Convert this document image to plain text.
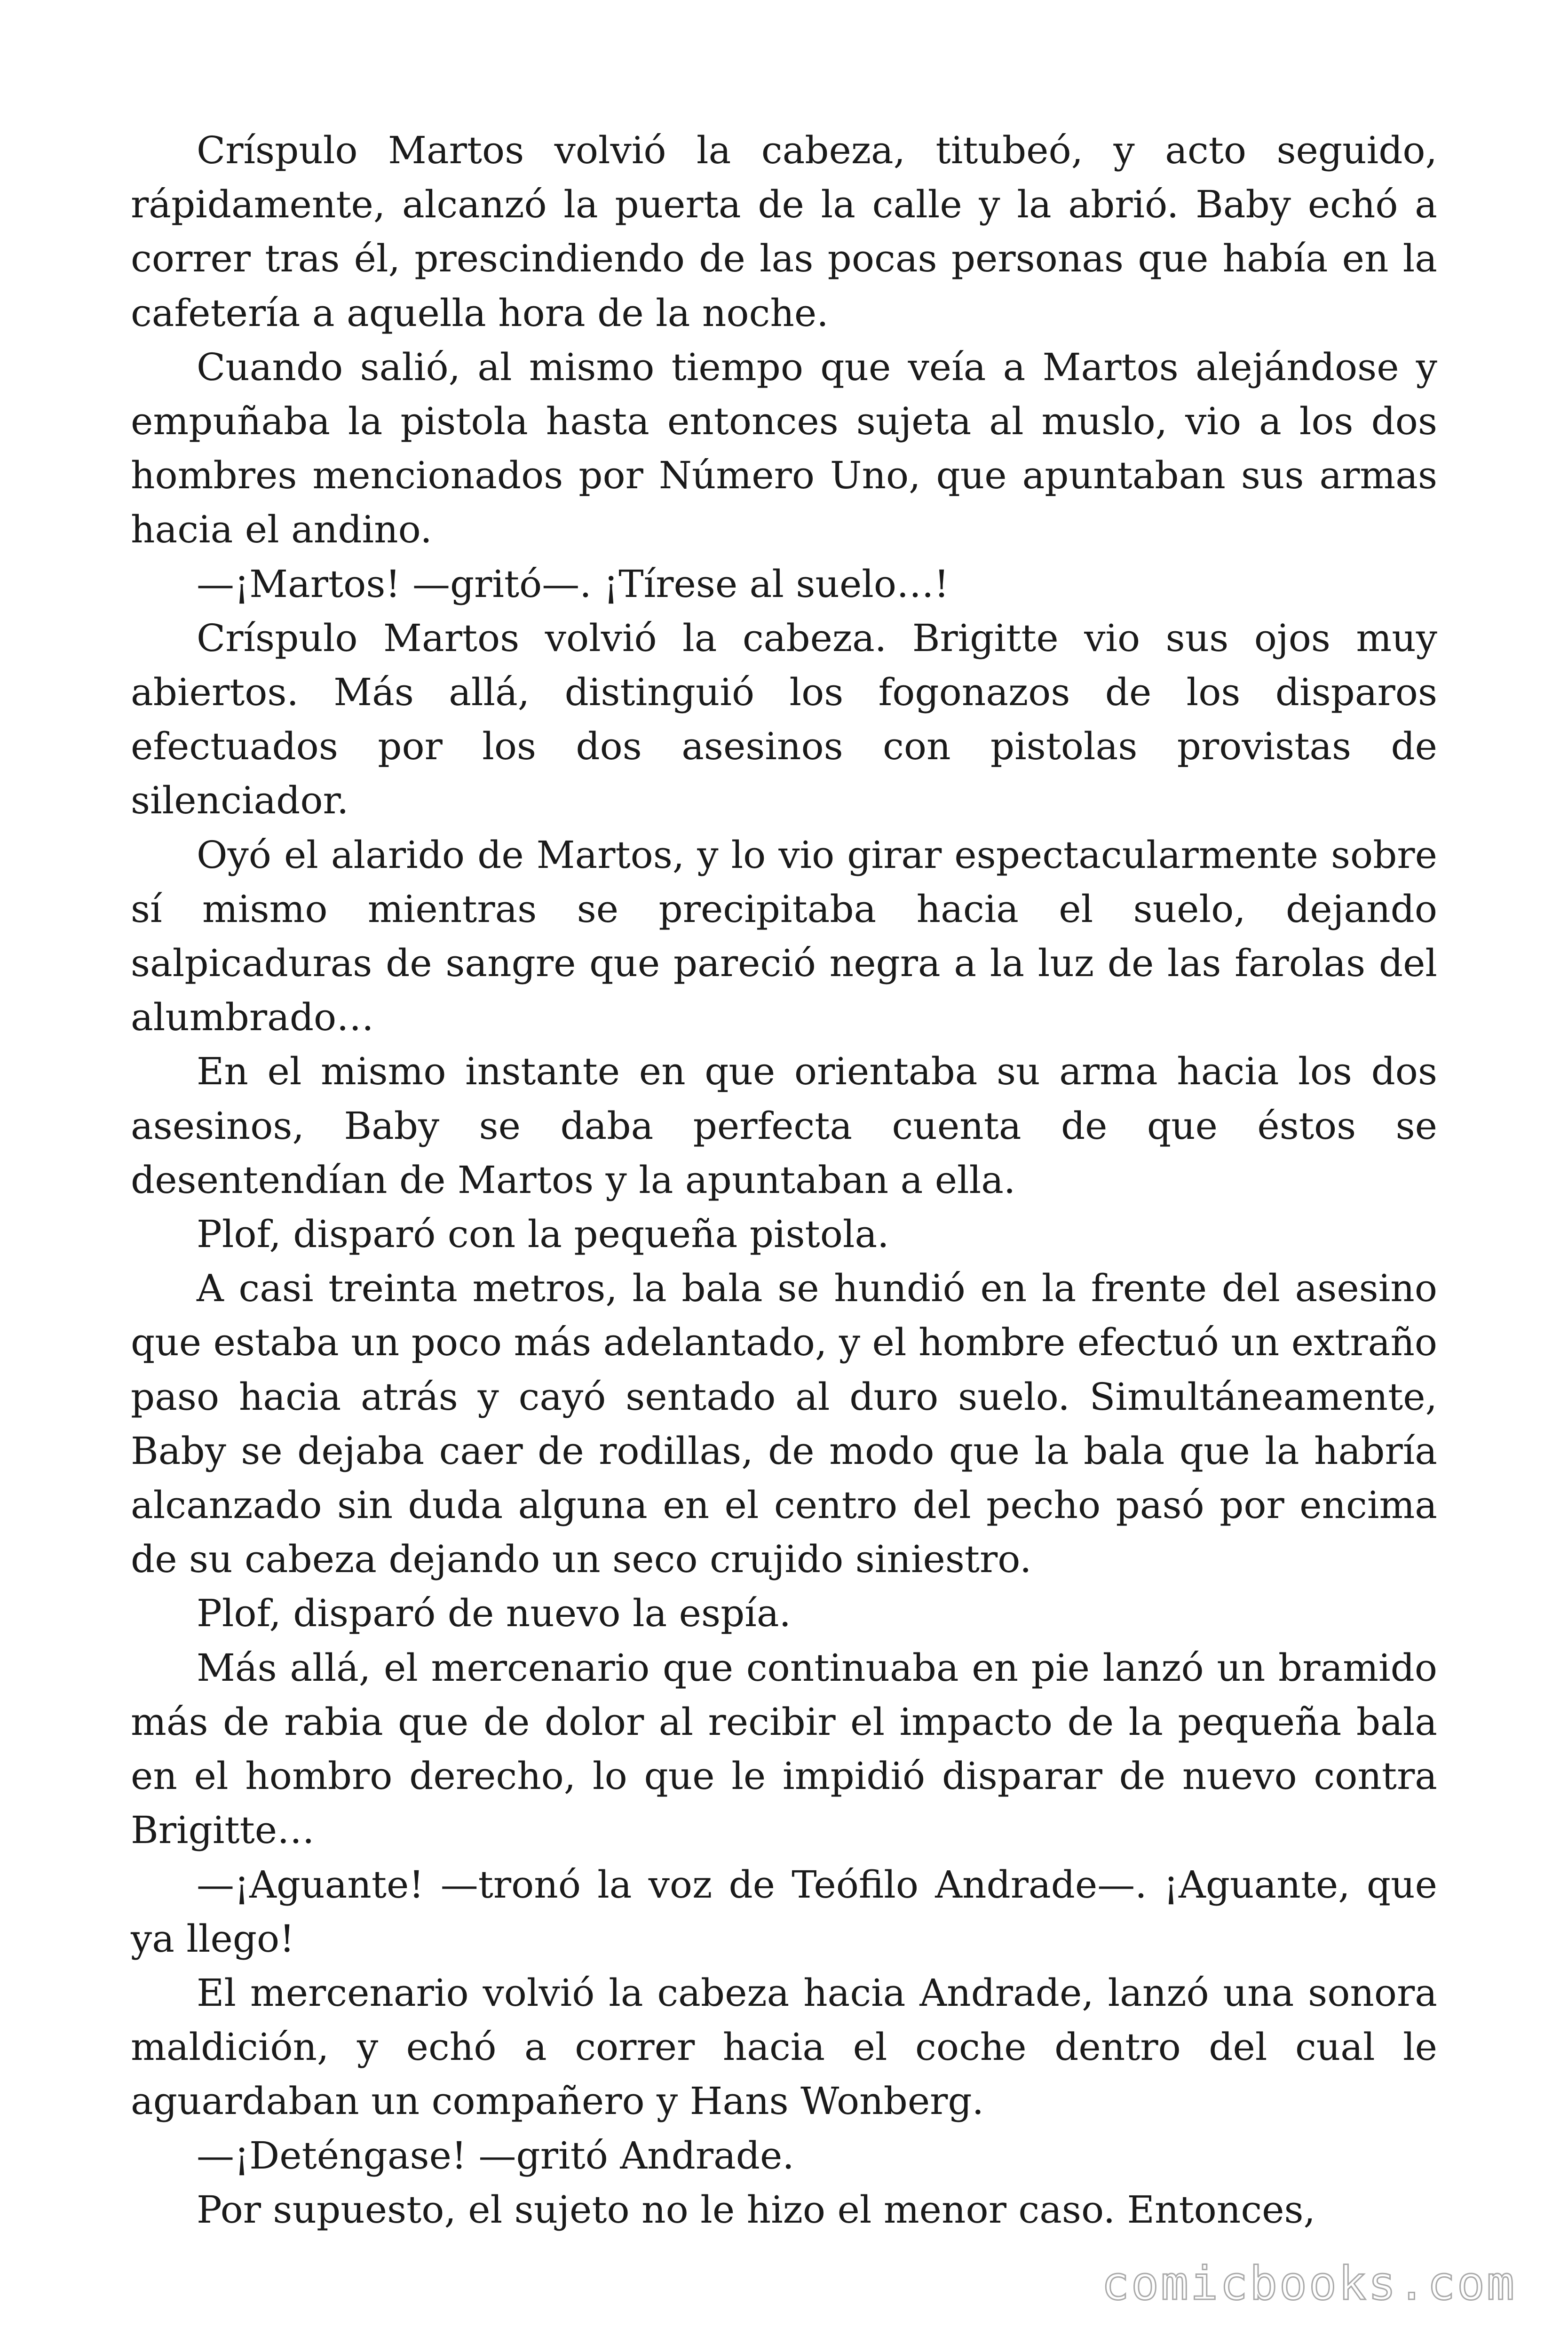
Críspulo Martos volvió la cabeza, titubeó, y acto seguido, rápidamente, alcanzó la puerta de la calle y la abrió. Baby echó a correr tras él, prescindiendo de las pocas personas que había en la cafetería a aquella hora de la noche.

Cuando salió, al mismo tiempo que veía a Martos alejándose y empuñaba la pistola hasta entonces sujeta al muslo, vio a los dos hombres mencionados por Número Uno, que apuntaban sus armas hacia el andino.

—¡Martos! —gritó—. ¡Tírese al suelo…!

Críspulo Martos volvió la cabeza. Brigitte vio sus ojos muy abiertos. Más allá, distinguió los fogonazos de los disparos efectuados por los dos asesinos con pistolas provistas de silenciador.

Oyó el alarido de Martos, y lo vio girar espectacularmente sobre sí mismo mientras se precipitaba hacia el suelo, dejando salpicaduras de sangre que pareció negra a la luz de las farolas del alumbrado…

En el mismo instante en que orientaba su arma hacia los dos asesinos, Baby se daba perfecta cuenta de que éstos se desentendían de Martos y la apuntaban a ella.

Plof, disparó con la pequeña pistola.

A casi treinta metros, la bala se hundió en la frente del asesino que estaba un poco más adelantado, y el hombre efectuó un extraño paso hacia atrás y cayó sentado al duro suelo. Simultáneamente, Baby se dejaba caer de rodillas, de modo que la bala que la habría alcanzado sin duda alguna en el centro del pecho pasó por encima de su cabeza dejando un seco crujido siniestro.

Plof, disparó de nuevo la espía.

Más allá, el mercenario que continuaba en pie lanzó un bramido más de rabia que de dolor al recibir el impacto de la pequeña bala en el hombro derecho, lo que le impidió disparar de nuevo contra Brigitte…

—¡Aguante! —tronó la voz de Teófilo Andrade—. ¡Aguante, que ya llego!

El mercenario volvió la cabeza hacia Andrade, lanzó una sonora maldición, y echó a correr hacia el coche dentro del cual le aguardaban un compañero y Hans Wonberg.

—¡Deténgase! —gritó Andrade.

Por supuesto, el sujeto no le hizo el menor caso. Entonces,

comicbooks.com
